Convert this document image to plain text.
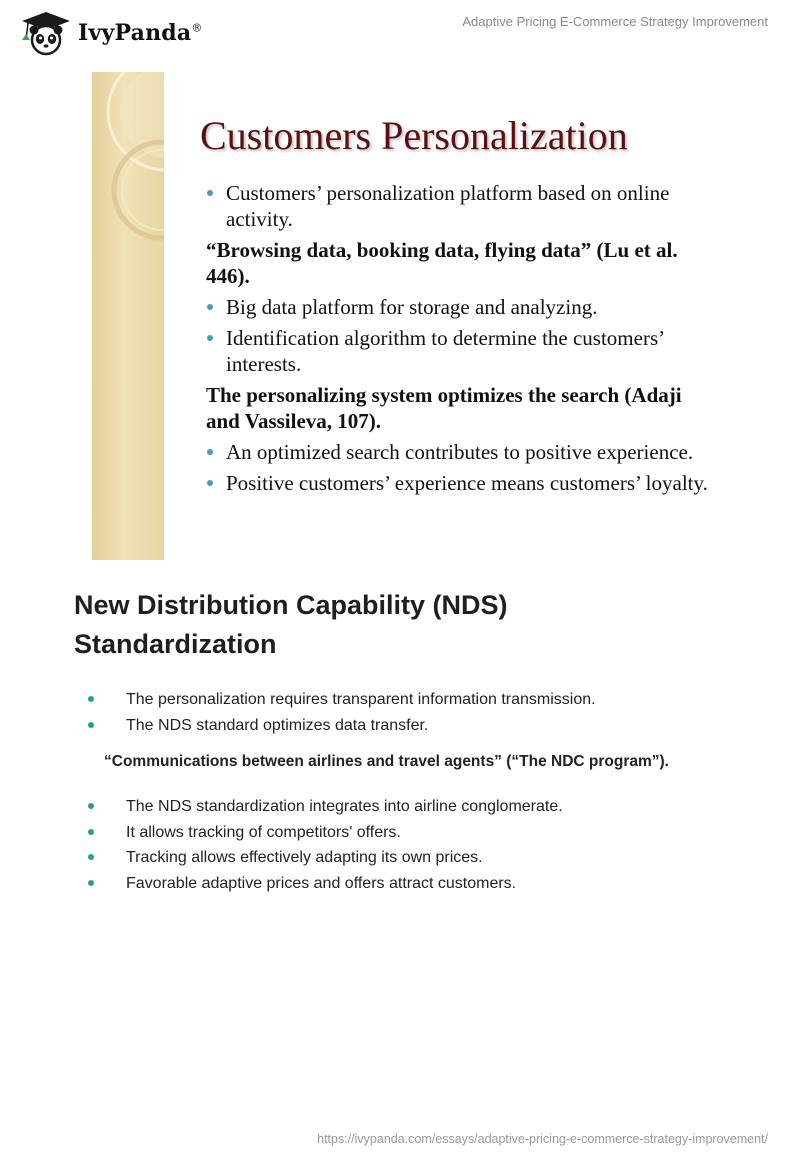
IvyPanda®	Adaptive Pricing E-Commerce Strategy Improvement
Customers Personalization
Customers’ personalization platform based on online activity.
“Browsing data, booking data, flying data” (Lu et al. 446).
Big data platform for storage and analyzing.
Identification algorithm to determine the customers’ interests.
The personalizing system optimizes the search (Adaji and Vassileva, 107).
An optimized search contributes to positive experience.
Positive customers’ experience means customers’ loyalty.
New Distribution Capability (NDS) Standardization
The personalization requires transparent information transmission.
The NDS standard optimizes data transfer.
“Communications between airlines and travel agents” (“The NDC program”).
The NDS standardization integrates into airline conglomerate.
It allows tracking of competitors' offers.
Tracking allows effectively adapting its own prices.
Favorable adaptive prices and offers attract customers.
https://ivypanda.com/essays/adaptive-pricing-e-commerce-strategy-improvement/
